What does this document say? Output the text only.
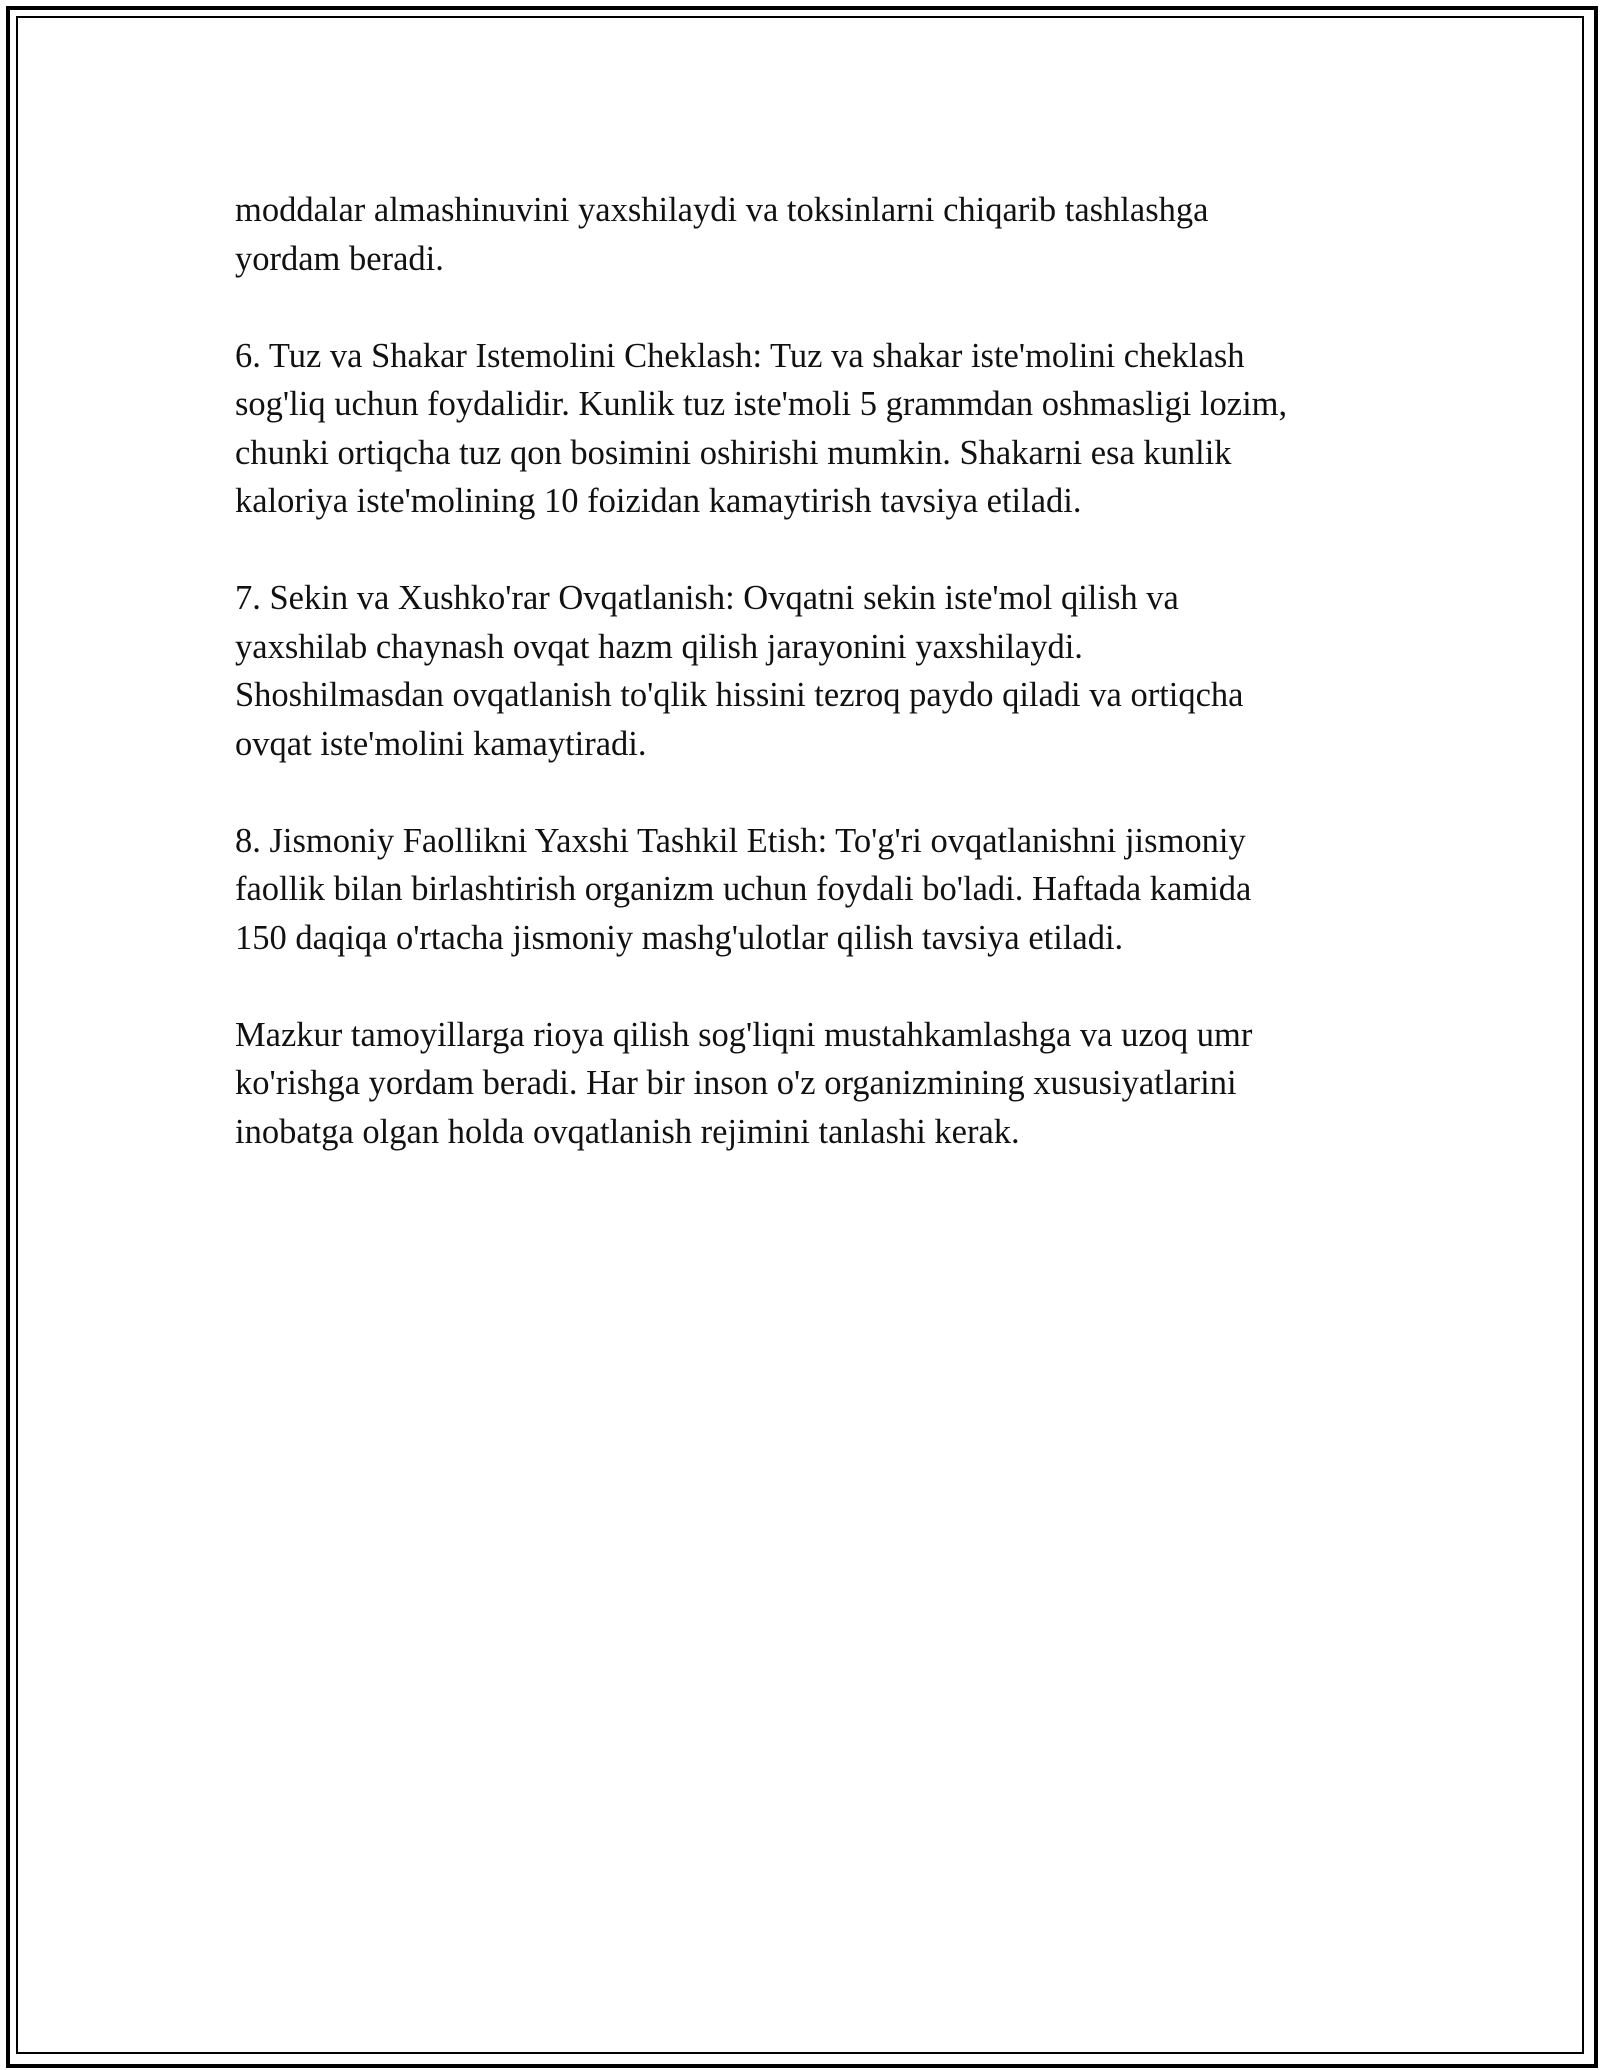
moddalar almashinuvini yaxshilaydi va toksinlarni chiqarib tashlashga
yordam beradi.

6. Tuz va Shakar Istemolini Cheklash: Tuz va shakar iste'molini cheklash
sog'liq uchun foydalidir. Kunlik tuz iste'moli 5 grammdan oshmasligi lozim,
chunki ortiqcha tuz qon bosimini oshirishi mumkin. Shakarni esa kunlik
kaloriya iste'molining 10 foizidan kamaytirish tavsiya etiladi.

7. Sekin va Xushko'rar Ovqatlanish: Ovqatni sekin iste'mol qilish va
yaxshilab chaynash ovqat hazm qilish jarayonini yaxshilaydi.
Shoshilmasdan ovqatlanish to'qlik hissini tezroq paydo qiladi va ortiqcha
ovqat iste'molini kamaytiradi.

8. Jismoniy Faollikni Yaxshi Tashkil Etish: To'g'ri ovqatlanishni jismoniy
faollik bilan birlashtirish organizm uchun foydali bo'ladi. Haftada kamida
150 daqiqa o'rtacha jismoniy mashg'ulotlar qilish tavsiya etiladi.

Mazkur tamoyillarga rioya qilish sog'liqni mustahkamlashga va uzoq umr
ko'rishga yordam beradi. Har bir inson o'z organizmining xususiyatlarini
inobatga olgan holda ovqatlanish rejimini tanlashi kerak.
